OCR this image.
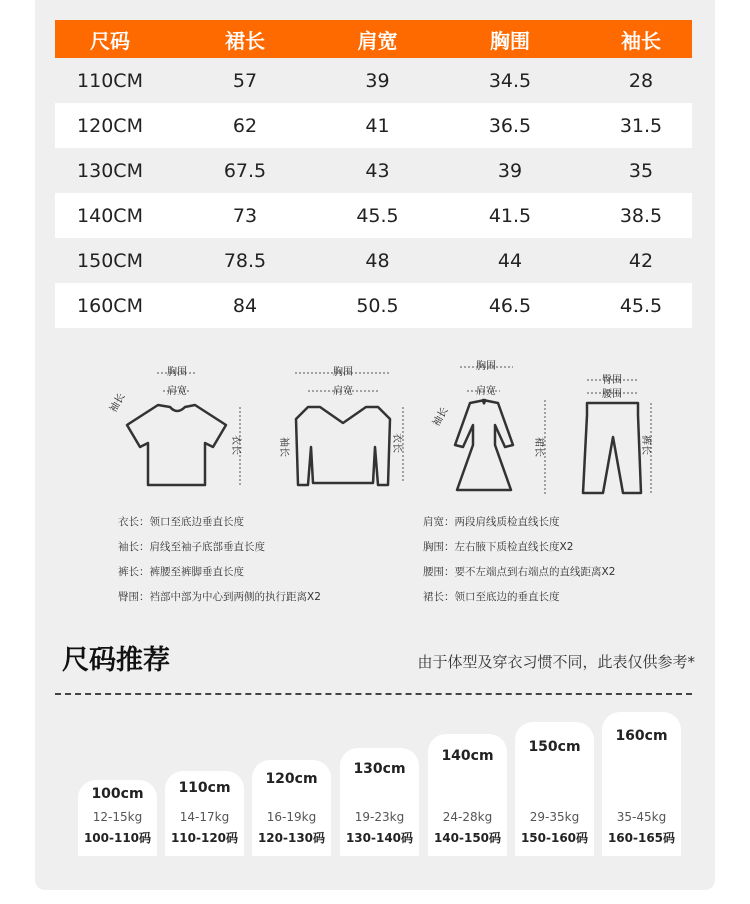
尺码	裙长	肩宽	胸围	袖长
110CM	57	39	34.5	28
120CM	62	41	36.5	31.5
130CM	67.5	43	39	35
140CM	73	45.5	41.5	38.5
150CM	78.5	48	44	42
160CM	84	50.5	46.5	45.5
胸围
肩宽
袖长
衣长
胸围
肩宽
袖长	衣长
胸围
肩宽
袖长
裙长
臀围
腰围
裤长
衣长：领口至底边垂直长度
袖长：肩线至袖子底部垂直长度
裤长：裤腰至裤脚垂直长度
臀围：裆部中部为中心到两侧的执行距离X2
肩宽：两段肩线质检直线长度
胸围：左右腋下质检直线长度X2
腰围：要不左端点到右端点的直线距离X2
裙长：领口至底边的垂直长度
尺码推荐	由于体型及穿衣习惯不同，此表仅供参考*
100cm
12-15kg
100-110码
110cm
14-17kg
110-120码
120cm
16-19kg
120-130码
130cm
19-23kg
130-140码
140cm
24-28kg
140-150码
150cm
29-35kg
150-160码
160cm
35-45kg
160-165码
